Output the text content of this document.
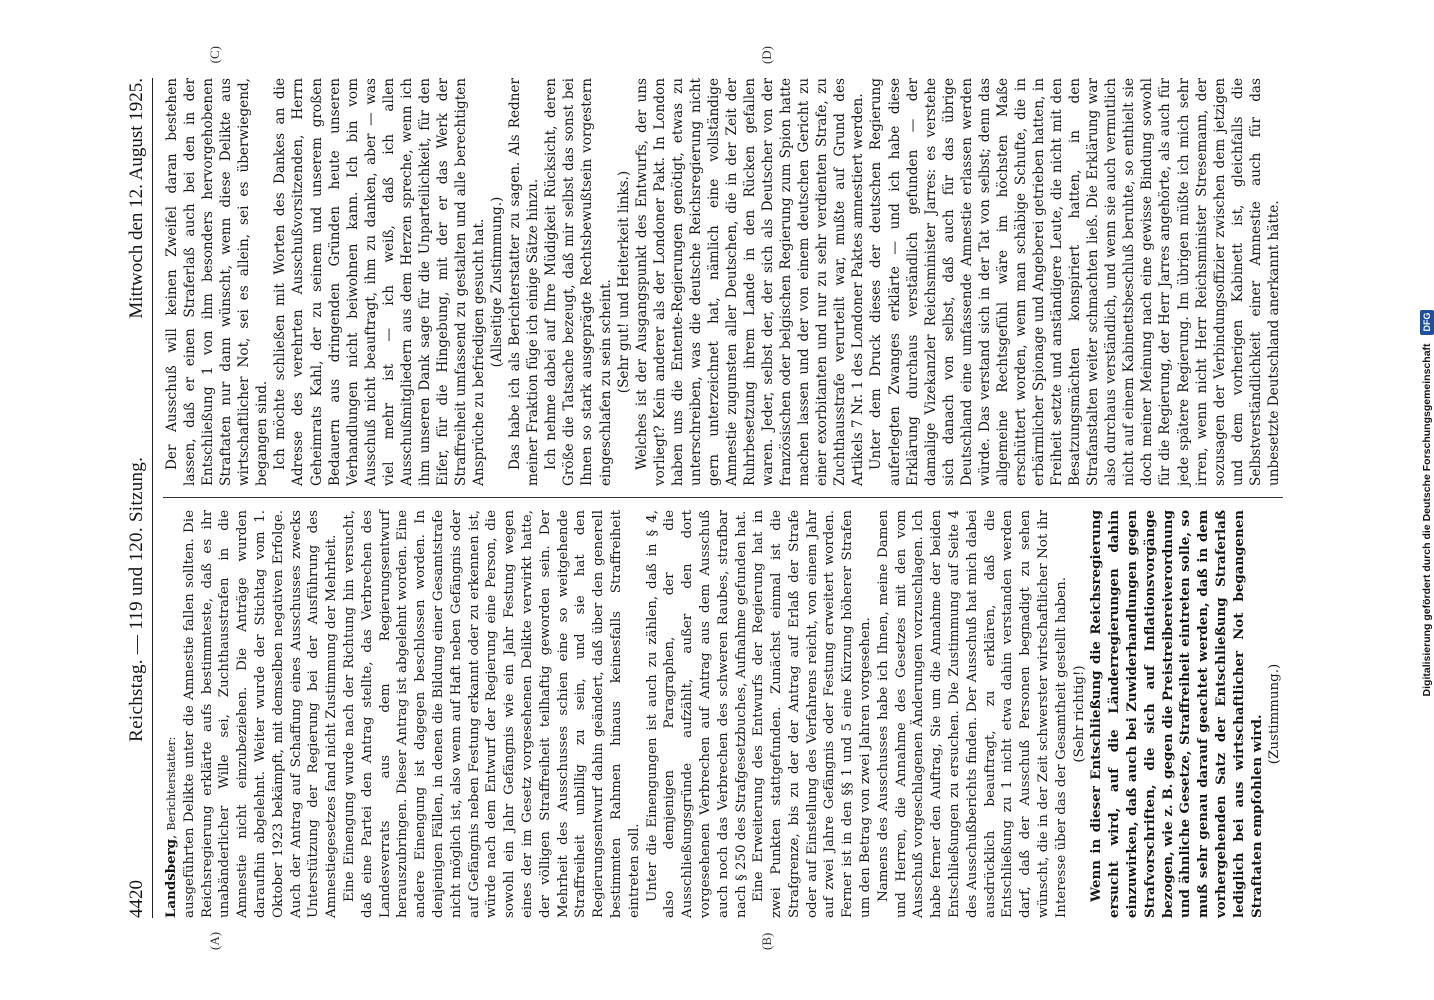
4420
Reichstag. — 119 und 120. Sitzung.
Mittwoch den 12. August 1925.
(A)	(B)
(C)	(D)

Landsberg, Berichterstatter: ausgeführten Delikte unter die Amnestie fallen sollten. Die Reichsregierung erklärte aufs bestimmteste, daß es ihr unabänderlicher Wille sei, Zuchthausstrafen in die Amnestie nicht einzubeziehen. Die Anträge wurden daraufhin abgelehnt. Weiter wurde der Stichtag vom 1. Oktober 1923 bekämpft, mit demselben negativen Erfolge. Auch der Antrag auf Schaffung eines Ausschusses zwecks Unterstützung der Regierung bei der Ausführung des Amnestiegesetzes fand nicht Zustimmung der Mehrheit. Eine Einengung wurde nach der Richtung hin versucht, daß eine Partei den Antrag stellte, das Verbrechen des Landesverrats aus dem Regierungsentwurf herauszubringen. Dieser Antrag ist abgelehnt worden. Eine andere Einengung ist dagegen beschlossen worden. In denjenigen Fällen, in denen die Bildung einer Gesamtstrafe nicht möglich ist, also wenn auf Haft neben Gefängnis oder auf Gefängnis neben Festung erkannt oder zu erkennen ist, würde nach dem Entwurf der Regierung eine Person, die sowohl ein Jahr Gefängnis wie ein Jahr Festung wegen eines der im Gesetz vorgesehenen Delikte verwirkt hatte, der völligen Straffreiheit teilhaftig geworden sein. Der Mehrheit des Ausschusses schien eine so weitgehende Straffreiheit unbillig zu sein, und sie hat den Regierungsentwurf dahin geändert, daß über den generell bestimmten Rahmen hinaus keinesfalls Straffreiheit eintreten soll. Unter die Einengungen ist auch zu zählen, daß in § 4, also demjenigen Paragraphen, der die Ausschließungsgründe aufzählt, außer den dort vorgesehenen Verbrechen auf Antrag aus dem Ausschuß auch noch das Verbrechen des schweren Raubes, strafbar nach § 250 des Strafgesetzbuches, Aufnahme gefunden hat. Eine Erweiterung des Entwurfs der Regierung hat in zwei Punkten stattgefunden. Zunächst einmal ist die Strafgrenze, bis zu der der Antrag auf Erlaß der Strafe oder auf Einstellung des Verfahrens reicht, von einem Jahr auf zwei Jahre Gefängnis oder Festung erweitert worden. Ferner ist in den §§ 1 und 5 eine Kürzung höherer Strafen um den Betrag von zwei Jahren vorgesehen. Namens des Ausschusses habe ich Ihnen, meine Damen und Herren, die Annahme des Gesetzes mit den vom Ausschuß vorgeschlagenen Änderungen vorzuschlagen. Ich habe ferner den Auftrag, Sie um die Annahme der beiden Entschließungen zu ersuchen. Die Zustimmung auf Seite 4 des Ausschußberichts finden. Der Ausschuß hat mich dabei ausdrücklich beauftragt, zu erklären, daß die Entschließung zu 1 nicht etwa dahin verstanden werden darf, daß der Ausschuß Personen begnadigt zu sehen wünscht, die in der Zeit schwerster wirtschaftlicher Not ihr Interesse über das der Gesamtheit gestellt haben. (Sehr richtig!) Wenn in dieser Entschließung die Reichsregierung ersucht wird, auf die Länderregierungen dahin einzuwirken, daß auch bei Zuwiderhandlungen gegen Strafvorschriften, die sich auf Inflationsvorgänge bezogen, wie z. B. gegen die Preistreibereiverordnung und ähnliche Gesetze, Straffreiheit eintreten solle, so muß sehr genau darauf geachtet werden, daß in dem vorhergehenden Satz der Entschließung Straferlaß lediglich bei aus wirtschaftlicher Not begangenen Straftaten empfohlen wird.

(Zustimmung.)

Der Ausschuß will keinen Zweifel daran bestehen lassen, daß er einen Straferlaß auch bei den in der Entschließung 1 von ihm besonders hervorgehobenen Straftaten nur dann wünscht, wenn diese Delikte aus wirtschaftlicher Not, sei es allein, sei es überwiegend, begangen sind. Ich möchte schließen mit Worten des Dankes an die Adresse des verehrten Ausschußvorsitzenden, Herrn Geheimrats Kahl, der zu seinem und unserem großen Bedauern aus dringenden Gründen heute unseren Verhandlungen nicht beiwohnen kann. Ich bin vom Ausschuß nicht beauftragt, ihm zu danken, aber — was viel mehr ist — ich weiß, daß ich allen Ausschußmitgliedern aus dem Herzen spreche, wenn ich ihm unseren Dank sage für die Unparteilichkeit, für den Eifer, für die Hingebung, mit der er das Werk der Straffreiheit umfassend zu gestalten und alle berechtigten Ansprüche zu befriedigen gesucht hat. (Allseitige Zustimmung.) Das habe ich als Berichterstatter zu sagen. Als Redner meiner Fraktion füge ich einige Sätze hinzu. Ich nehme dabei auf Ihre Müdigkeit Rücksicht, deren Größe die Tatsache bezeugt, daß mir selbst das sonst bei Ihnen so stark ausgeprägte Rechtsbewußtsein vorgestern eingeschlafen zu sein scheint. (Sehr gut! und Heiterkeit links.) Welches ist der Ausgangspunkt des Entwurfs, der uns vorliegt? Kein anderer als der Londoner Pakt. In London haben uns die Entente-Regierungen genötigt, etwas zu unterschreiben, was die deutsche Reichsregierung nicht gern unterzeichnet hat, nämlich eine vollständige Amnestie zugunsten aller Deutschen, die in der Zeit der Ruhrbesetzung ihrem Lande in den Rücken gefallen waren. Jeder, selbst der, der sich als Deutscher von der französischen oder belgischen Regierung zum Spion hatte machen lassen und der von einem deutschen Gericht zu einer exorbitanten und nur zu sehr verdienten Strafe, zu Zuchthausstrafe verurteilt war, mußte auf Grund des Artikels 7 Nr. 1 des Londoner Paktes amnestiert werden. Unter dem Druck dieses der deutschen Regierung auferlegten Zwanges erklärte — und ich habe diese Erklärung durchaus verständlich gefunden — der damalige Vizekanzler Reichsminister Jarres: es verstehe sich danach von selbst, daß auch für das übrige Deutschland eine umfassende Amnestie erlassen werden würde. Das verstand sich in der Tat von selbst; denn das allgemeine Rechtsgefühl wäre im höchsten Maße erschüttert worden, wenn man schäbige Schufte, die in erbärmlicher Spionage und Angeberei getrieben hatten, in Freiheit setzte und anständigere Leute, die nicht mit den Besatzungsmächten konspiriert hatten, in den Strafanstalten weiter schmachten ließ. Die Erklärung war also durchaus verständlich, und wenn sie auch vermutlich nicht auf einem Kabinettsbeschluß beruhte, so enthielt sie doch meiner Meinung nach eine gewisse Bindung sowohl für die Regierung, der Herr Jarres angehörte, als auch für jede spätere Regierung. Im übrigen müßte ich mich sehr irren, wenn nicht Herr Reichsminister Stresemann, der sozusagen der Verbindungsoffizier zwischen dem jetzigen und dem vorherigen Kabinett ist, gleichfalls die Selbstverständlichkeit einer Amnestie auch für das unbesetzte Deutschland anerkannt hätte.

Digitalisierung gefördert durch die Deutsche Forschungsgemeinschaft DFG
